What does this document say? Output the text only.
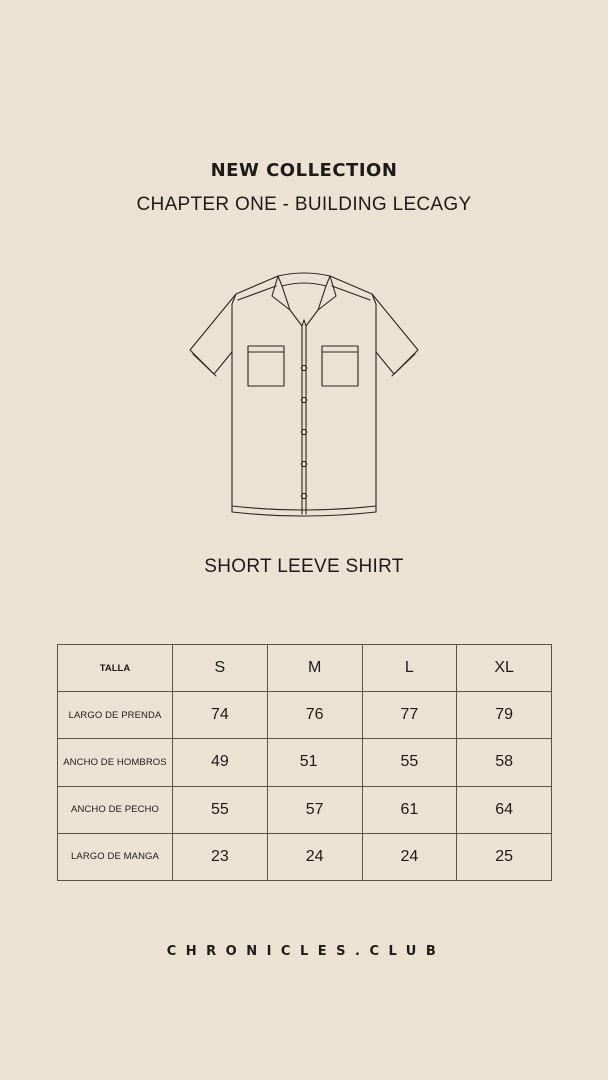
NEW COLLECTION
CHAPTER ONE - BUILDING LECAGY
SHORT LEEVE SHIRT
TALLA	S	M	L	XL
LARGO DE PRENDA	74	76	77	79
ANCHO DE HOMBROS	49	51	55	58
ANCHO DE PECHO	55	57	61	64
LARGO DE MANGA	23	24	24	25
CHRONICLES.CLUB
